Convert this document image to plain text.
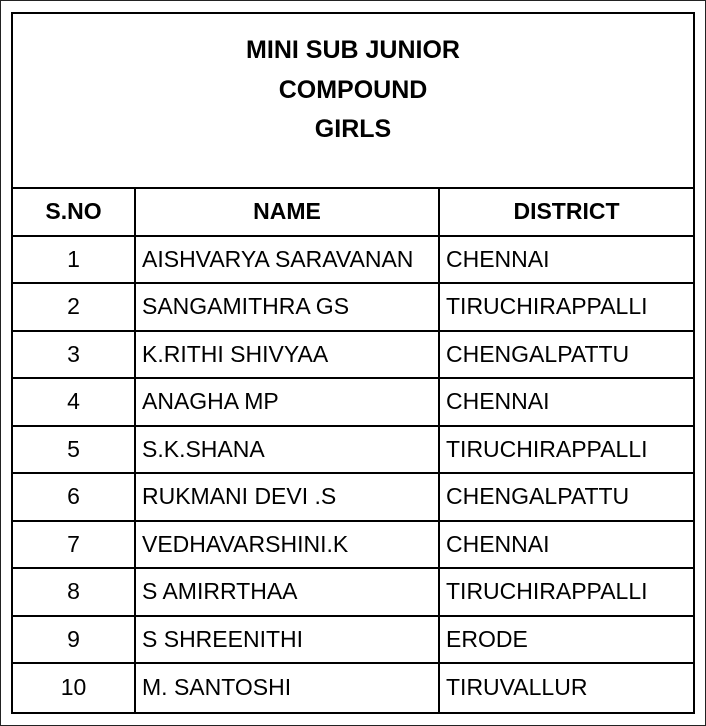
MINI SUB JUNIOR
COMPOUND
GIRLS
S.NO	NAME	DISTRICT
1	AISHVARYA SARAVANAN	CHENNAI
2	SANGAMITHRA GS	TIRUCHIRAPPALLI
3	K.RITHI SHIVYAA	CHENGALPATTU
4	ANAGHA MP	CHENNAI
5	S.K.SHANA	TIRUCHIRAPPALLI
6	RUKMANI DEVI .S	CHENGALPATTU
7	VEDHAVARSHINI.K	CHENNAI
8	S AMIRRTHAA	TIRUCHIRAPPALLI
9	S SHREENITHI	ERODE
10	M. SANTOSHI	TIRUVALLUR
